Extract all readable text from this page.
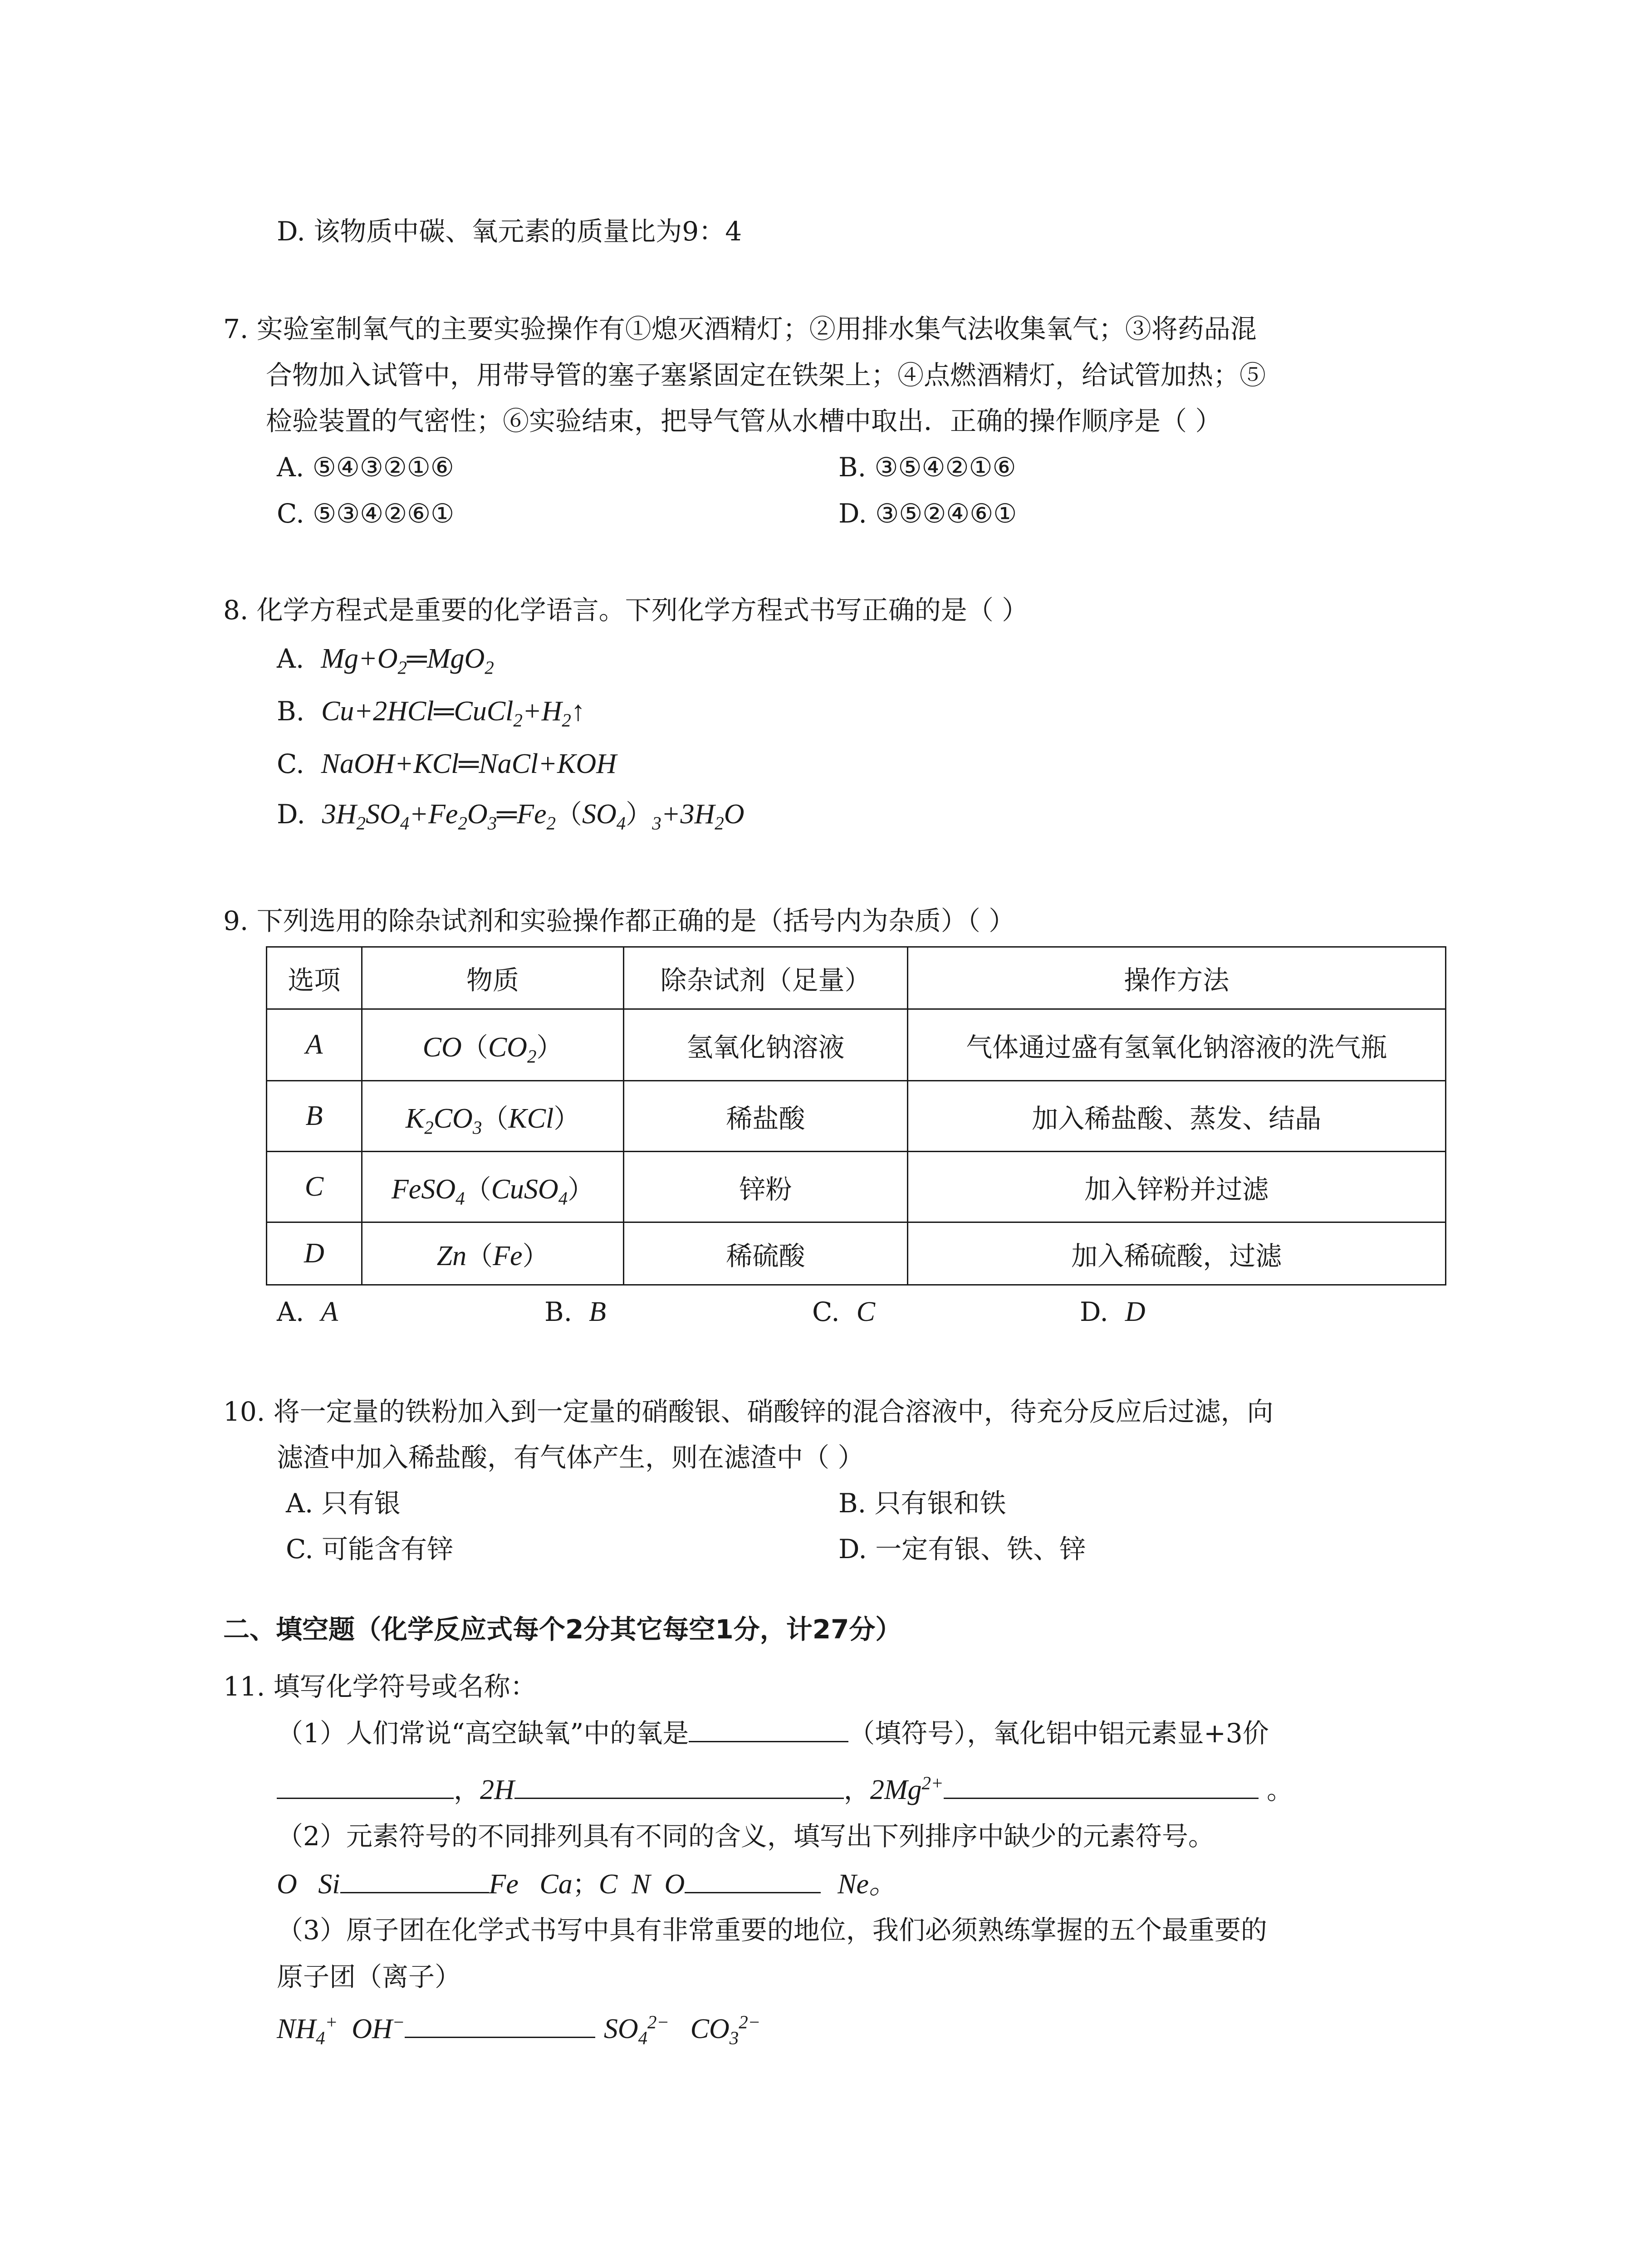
D. 该物质中碳、氧元素的质量比为9：4
7. 实验室制氧气的主要实验操作有①熄灭酒精灯；②用排水集气法收集氧气；③将药品混
合物加入试管中，用带导管的塞子塞紧固定在铁架上；④点燃酒精灯，给试管加热；⑤
检验装置的气密性；⑥实验结束，把导气管从水槽中取出．正确的操作顺序是（ ）
A. ⑤④③②①⑥	B. ③⑤④②①⑥
C. ⑤③④②⑥①	D. ③⑤②④⑥①
8. 化学方程式是重要的化学语言。下列化学方程式书写正确的是（ ）
A. $Mg+O_2═MgO_2$
B. $Cu+2HCl═CuCl_2+H_2↑$
C. NaOH+KCl═NaCl+KOH
D. $3H_2SO_4+Fe_2O_3═Fe_2(SO_4)_3+3H_2O$
9. 下列选用的除杂试剂和实验操作都正确的是（括号内为杂质）（ ）
选项	物质	除杂试剂（足量）	操作方法
A	$CO(CO_2)$	氢氧化钠溶液	气体通过盛有氢氧化钠溶液的洗气瓶
B	$K_2CO_3(KCl)$	稀盐酸	加入稀盐酸、蒸发、结晶
C	FeSO$_4$（CuSO$_4$）	锌粉	加入锌粉并过滤
D	Zn（Fe）	稀硫酸	加入稀硫酸，过滤
A.  A	B.  B	C.  C	D.  D
10. 将一定量的铁粉加入到一定量的硝酸银、硝酸锌的混合溶液中，待充分反应后过滤，向
滤渣中加入稀盐酸，有气体产生，则在滤渣中（ ）
A. 只有银	B. 只有银和铁
C. 可能含有锌	D. 一定有银、铁、锌
二、填空题（化学反应式每个2分其它每空1分，计27分）
11. 填写化学符号或名称：
（1）人们常说“高空缺氧”中的氧是	（填符号），氧化铝中铝元素显+3价
，2H	，$2Mg^{2+}$	。
（2）元素符号的不同排列具有不同的含义，填写出下列排序中缺少的元素符号。
O   Si	Fe   Ca；C  N  O	Ne。
（3）原子团在化学式书写中具有非常重要的地位，我们必须熟练掌握的五个最重要的
原子团（离子）
$NH_4^+$  OH−	$SO_4^{2-}$   $CO_3^{2-}$
